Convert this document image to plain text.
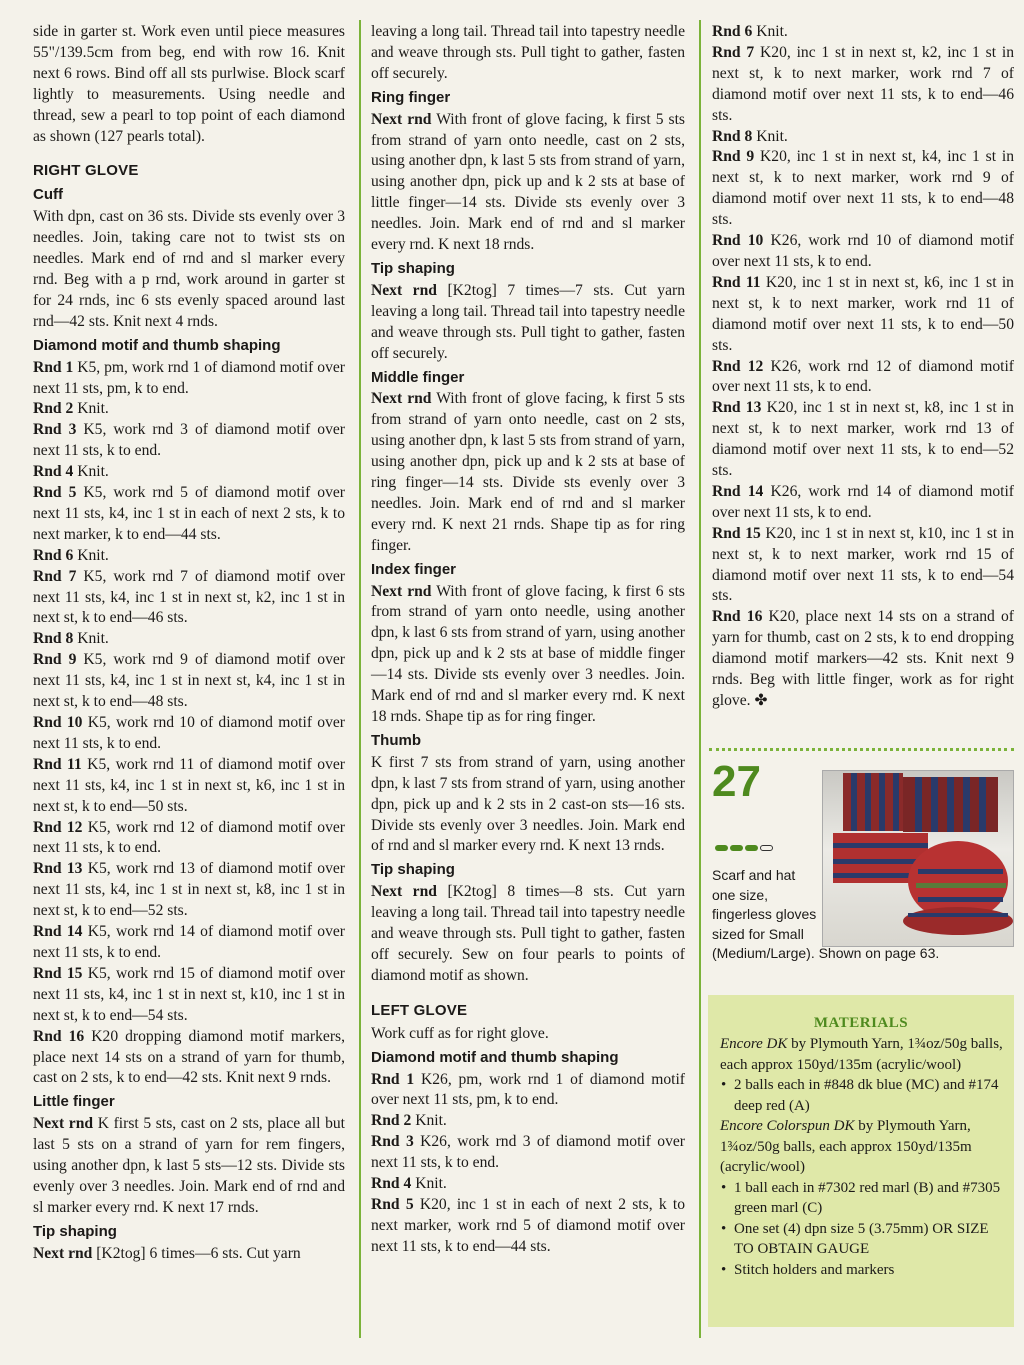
side in garter st. Work even until piece measures 55"/139.5cm from beg, end with row 16. Knit next 6 rows. Bind off all sts purlwise. Block scarf lightly to measurements. Using needle and thread, sew a pearl to top point of each diamond as shown (127 pearls total).

RIGHT GLOVE
Cuff

With dpn, cast on 36 sts. Divide sts evenly over 3 needles. Join, taking care not to twist sts on needles. Mark end of rnd and sl marker every rnd. Beg with a p rnd, work around in garter st for 24 rnds, inc 6 sts evenly spaced around last rnd—42 sts. Knit next 4 rnds.

Diamond motif and thumb shaping
Rnd 1 K5, pm, work rnd 1 of diamond motif over next 11 sts, pm, k to end.
Rnd 2 Knit.
Rnd 3 K5, work rnd 3 of diamond motif over next 11 sts, k to end.
Rnd 4 Knit.
Rnd 5 K5, work rnd 5 of diamond motif over next 11 sts, k4, inc 1 st in each of next 2 sts, k to next marker, k to end—44 sts.
Rnd 6 Knit.
Rnd 7 K5, work rnd 7 of diamond motif over next 11 sts, k4, inc 1 st in next st, k2, inc 1 st in next st, k to end—46 sts.
Rnd 8 Knit.
Rnd 9 K5, work rnd 9 of diamond motif over next 11 sts, k4, inc 1 st in next st, k4, inc 1 st in next st, k to end—48 sts.
Rnd 10 K5, work rnd 10 of diamond motif over next 11 sts, k to end.
Rnd 11 K5, work rnd 11 of diamond motif over next 11 sts, k4, inc 1 st in next st, k6, inc 1 st in next st, k to end—50 sts.
Rnd 12 K5, work rnd 12 of diamond motif over next 11 sts, k to end.
Rnd 13 K5, work rnd 13 of diamond motif over next 11 sts, k4, inc 1 st in next st, k8, inc 1 st in next st, k to end—52 sts.
Rnd 14 K5, work rnd 14 of diamond motif over next 11 sts, k to end.
Rnd 15 K5, work rnd 15 of diamond motif over next 11 sts, k4, inc 1 st in next st, k10, inc 1 st in next st, k to end—54 sts.
Rnd 16 K20 dropping diamond motif markers, place next 14 sts on a strand of yarn for thumb, cast on 2 sts, k to end—42 sts. Knit next 9 rnds.
Little finger

Next rnd K first 5 sts, cast on 2 sts, place all but last 5 sts on a strand of yarn for rem fingers, using another dpn, k last 5 sts—12 sts. Divide sts evenly over 3 needles. Join. Mark end of rnd and sl marker every rnd. K next 17 rnds.

Tip shaping

Next rnd [K2tog] 6 times—6 sts. Cut yarn

leaving a long tail. Thread tail into tapestry needle and weave through sts. Pull tight to gather, fasten off securely.

Ring finger

Next rnd With front of glove facing, k first 5 sts from strand of yarn onto needle, cast on 2 sts, using another dpn, k last 5 sts from strand of yarn, using another dpn, pick up and k 2 sts at base of little finger—14 sts. Divide sts evenly over 3 needles. Join. Mark end of rnd and sl marker every rnd. K next 18 rnds.

Tip shaping

Next rnd [K2tog] 7 times—7 sts. Cut yarn leaving a long tail. Thread tail into tapestry needle and weave through sts. Pull tight to gather, fasten off securely.

Middle finger

Next rnd With front of glove facing, k first 5 sts from strand of yarn onto needle, cast on 2 sts, using another dpn, k last 5 sts from strand of yarn, using another dpn, pick up and k 2 sts at base of ring finger—14 sts. Divide sts evenly over 3 needles. Join. Mark end of rnd and sl marker every rnd. K next 21 rnds. Shape tip as for ring finger.

Index finger

Next rnd With front of glove facing, k first 6 sts from strand of yarn onto needle, using another dpn, k last 6 sts from strand of yarn, using another dpn, pick up and k 2 sts at base of middle finger—14 sts. Divide sts evenly over 3 needles. Join. Mark end of rnd and sl marker every rnd. K next 18 rnds. Shape tip as for ring finger.

Thumb

K first 7 sts from strand of yarn, using another dpn, k last 7 sts from strand of yarn, using another dpn, pick up and k 2 sts in 2 cast-on sts—16 sts. Divide sts evenly over 3 needles. Join. Mark end of rnd and sl marker every rnd. K next 13 rnds.

Tip shaping

Next rnd [K2tog] 8 times—8 sts. Cut yarn leaving a long tail. Thread tail into tapestry needle and weave through sts. Pull tight to gather, fasten off securely. Sew on four pearls to points of diamond motif as shown.

LEFT GLOVE

Work cuff as for right glove.

Diamond motif and thumb shaping
Rnd 1 K26, pm, work rnd 1 of diamond motif over next 11 sts, pm, k to end.
Rnd 2 Knit.
Rnd 3 K26, work rnd 3 of diamond motif over next 11 sts, k to end.
Rnd 4 Knit.
Rnd 5 K20, inc 1 st in each of next 2 sts, k to next marker, work rnd 5 of diamond motif over next 11 sts, k to end—44 sts.
Rnd 6 Knit.
Rnd 7 K20, inc 1 st in next st, k2, inc 1 st in next st, k to next marker, work rnd 7 of diamond motif over next 11 sts, k to end—46 sts.
Rnd 8 Knit.
Rnd 9 K20, inc 1 st in next st, k4, inc 1 st in next st, k to next marker, work rnd 9 of diamond motif over next 11 sts, k to end—48 sts.
Rnd 10 K26, work rnd 10 of diamond motif over next 11 sts, k to end.
Rnd 11 K20, inc 1 st in next st, k6, inc 1 st in next st, k to next marker, work rnd 11 of diamond motif over next 11 sts, k to end—50 sts.
Rnd 12 K26, work rnd 12 of diamond motif over next 11 sts, k to end.
Rnd 13 K20, inc 1 st in next st, k8, inc 1 st in next st, k to next marker, work rnd 13 of diamond motif over next 11 sts, k to end—52 sts.
Rnd 14 K26, work rnd 14 of diamond motif over next 11 sts, k to end.
Rnd 15 K20, inc 1 st in next st, k10, inc 1 st in next st, k to next marker, work rnd 15 of diamond motif over next 11 sts, k to end—54 sts.
Rnd 16 K20, place next 14 sts on a strand of yarn for thumb, cast on 2 sts, k to end dropping diamond motif markers—42 sts. Knit next 9 rnds. Beg with little finger, work as for right glove. ✤
27
Scarf and hat
one size,
fingerless gloves
sized for Small
(Medium/Large). Shown on page 63.
MATERIALS

Encore DK by Plymouth Yarn, 1¾oz/50g balls, each approx 150yd/135m (acrylic/wool)

• 2 balls each in #848 dk blue (MC) and #174 deep red (A)

Encore Colorspun DK by Plymouth Yarn, 1¾oz/50g balls, each approx 150yd/135m (acrylic/wool)

• 1 ball each in #7302 red marl (B) and #7305 green marl (C)
• One set (4) dpn size 5 (3.75mm) OR SIZE TO OBTAIN GAUGE
• Stitch holders and markers
